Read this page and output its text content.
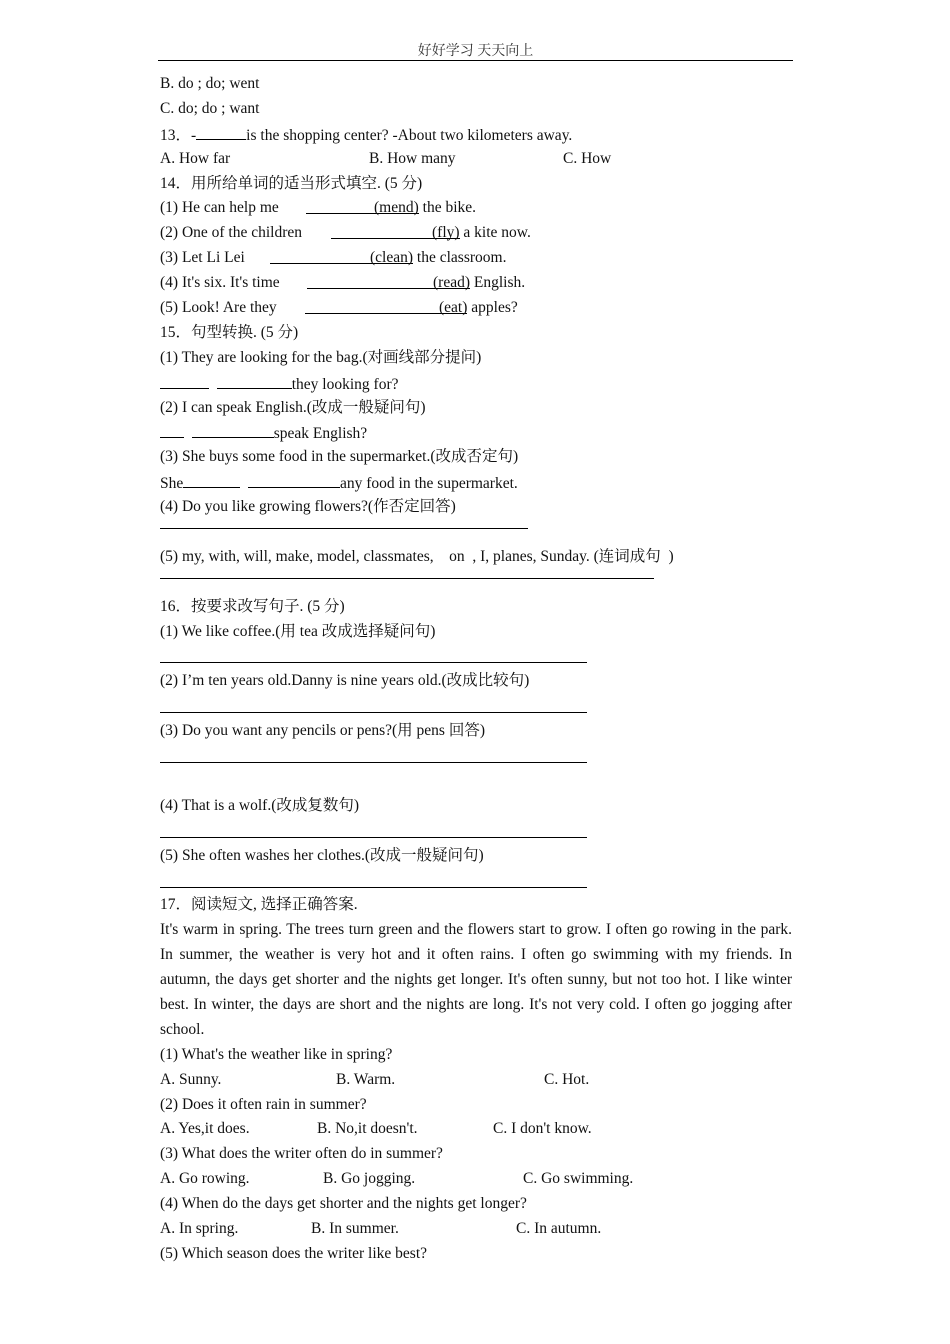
好好学习 天天向上
B. do ; do; went
C. do; do ; want
13．-	is the shopping center? -About two kilometers away.
A. How far	B. How many	C. How
14．用所给单词的适当形式填空. (5 分)
(1) He can help me	(mend) the bike.
(2) One of the children	(fly) a kite now.
(3) Let Li Lei	(clean) the classroom.
(4) It's six. It's time	(read) English.
(5) Look! Are they	(eat) apples?
15．句型转换. (5 分)
(1) They are looking for the bag.(对画线部分提问)
they looking for?
(2) I can speak English.(改成一般疑问句)
speak English?
(3) She buys some food in the supermarket.(改成否定句)
She	any food in the supermarket.
(4) Do you like growing flowers?(作否定回答)
(5) my, with, will, make, model, classmates,    on  , I, planes, Sunday. (连词成句  )
16．按要求改写句子. (5 分)
(1) We like coffee.(用 tea 改成选择疑问句)
(2) I’m ten years old.Danny is nine years old.(改成比较句)
(3) Do you want any pencils or pens?(用 pens 回答)
(4) That is a wolf.(改成复数句)
(5) She often washes her clothes.(改成一般疑问句)
17．阅读短文, 选择正确答案.
It's warm in spring. The trees turn green and the flowers start to grow. I often go rowing in the park. In summer, the weather is very hot and it often rains. I often go swimming with my friends. In autumn, the days get shorter and the nights get longer. It's often sunny, but not too hot. I like winter best. In winter, the days are short and the nights are long. It's not very cold. I often go jogging after school.
(1) What's the weather like in spring?
A. Sunny.	B. Warm.	C. Hot.
(2) Does it often rain in summer?
A. Yes,it does.	B. No,it doesn't.	C. I don't know.
(3) What does the writer often do in summer?
A. Go rowing.	B. Go jogging.	C. Go swimming.
(4) When do the days get shorter and the nights get longer?
A. In spring.	B. In summer.	C. In autumn.
(5) Which season does the writer like best?
